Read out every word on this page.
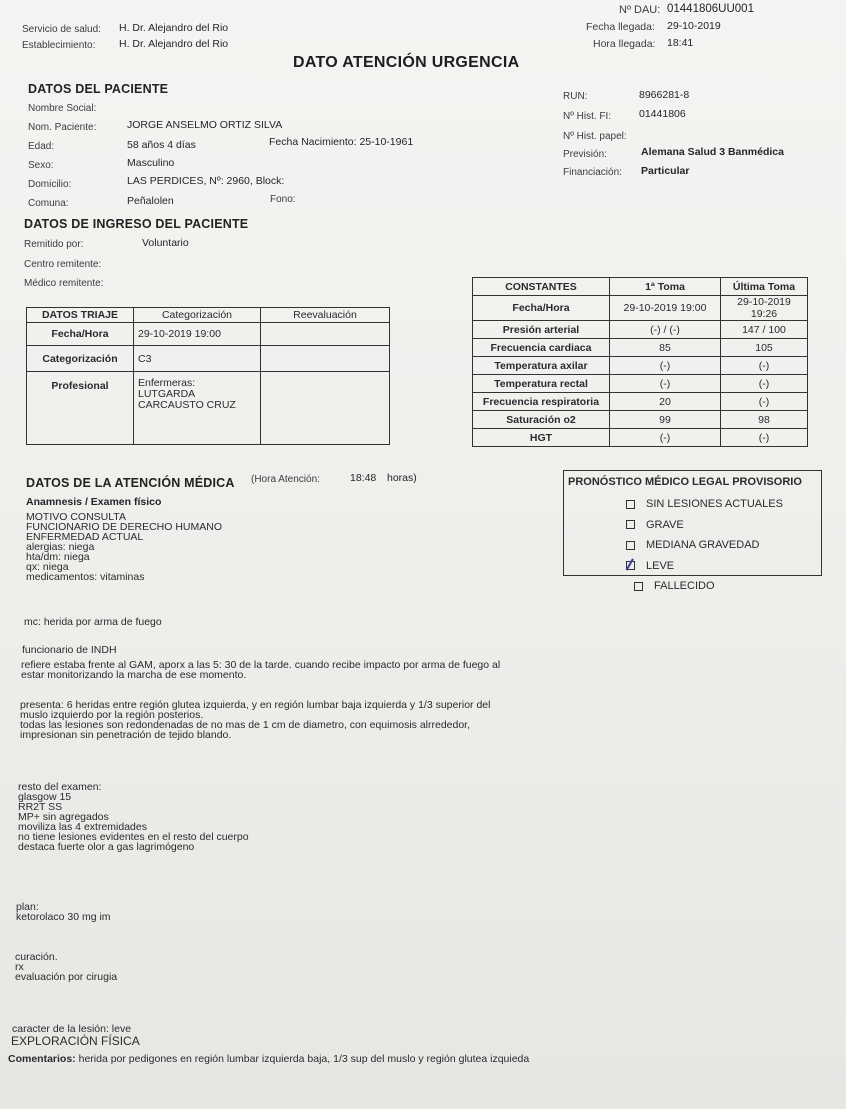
Servicio de salud: H. Dr. Alejandro del Rio
Establecimiento: H. Dr. Alejandro del Rio
Nº DAU: 01441806UU001
Fecha llegada: 29-10-2019
Hora llegada: 18:41
DATO ATENCIÓN URGENCIA
DATOS DEL PACIENTE
Nombre Social:
Nom. Paciente:	JORGE ANSELMO ORTIZ SILVA
Edad:	58 años 4 días	Fecha Nacimiento: 25-10-1961
Sexo:	Masculino
Domicilio:	LAS PERDICES, Nº: 2960, Block:
Comuna:	Peñalolen	Fono:
RUN:	8966281-8
Nº Hist. FI:	01441806
Nº Hist. papel:
Previsión:	Alemana Salud 3 Banmédica
Financiación: Particular
DATOS DE INGRESO DEL PACIENTE
Remitido por:	Voluntario
Centro remitente:
Médico remitente:
DATOS TRIAJE	Categorización	Reevaluación
Fecha/Hora	29-10-2019 19:00	
Categorización	C3	
Profesional	Enfermeras:
LUTGARDA
CARCAUSTO CRUZ	

CONSTANTES	1ª Toma	Última Toma
Fecha/Hora	29-10-2019 19:00	29-10-2019 19:26
Presión arterial	(-) / (-)	147 / 100
Frecuencia cardiaca	85	105
Temperatura axilar	(-)	(-)
Temperatura rectal	(-)	(-)
Frecuencia respiratoria	20	(-)
Saturación o2	99	98
HGT	(-)	(-)
PRONÓSTICO MÉDICO LEGAL PROVISORIO
SIN LESIONES ACTUALES
GRAVE
MEDIANA GRAVEDAD
LEVE
FALLECIDO
DATOS DE LA ATENCIÓN MÉDICA (Hora Atención:	18:48 horas)
Anamnesis / Examen físico
MOTIVO CONSULTA
FUNCIONARIO DE DERECHO HUMANO
ENFERMEDAD ACTUAL
alergias: niega
hta/dm: niega
qx: niega
medicamentos: vitaminas
mc: herida por arma de fuego
funcionario de INDH
refiere estaba frente al GAM, aporx a las 5: 30 de la tarde. cuando recibe impacto por arma de fuego al
estar monitorizando la marcha de ese momento.
presenta: 6 heridas entre región glutea izquierda, y en región lumbar baja izquierda y 1/3 superior del
muslo izquierdo por la región posterios.
todas las lesiones son redondenadas de no mas de 1 cm de diametro, con equimosis alrrededor,
impresionan sin penetración de tejido blando.
resto del examen:
glasgow 15
RR2T SS
MP+ sin agregados
moviliza las 4 extremidades
no tiene lesiones evidentes en el resto del cuerpo
destaca fuerte olor a gas lagrimógeno
plan:
ketorolaco 30 mg im
curación.
rx
evaluación por cirugia
caracter de la lesión: leve
EXPLORACIÓN FÍSICA
Comentarios: herida por pedigones en región lumbar izquierda baja, 1/3 sup del muslo y región glutea izquieda
